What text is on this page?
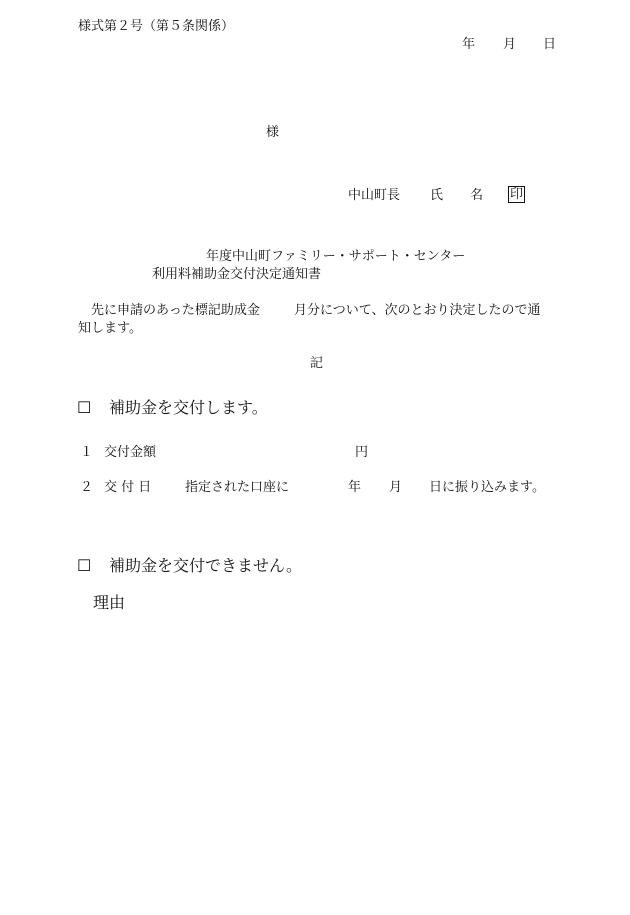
様式第２号（第５条関係）
年 月 日
様
中山町長 氏 名 印
年度中山町ファミリー・サポート・センター
利用料補助金交付決定通知書
先に申請のあった標記助成金	月分について、次のとおり決定したので通
知します。
記
☐ 補助金を交付します。
１ 交付金額	円
２ 交 付 日	指定された口座に	年 月 日に振り込みます。
☐ 補助金を交付できません。
理由
